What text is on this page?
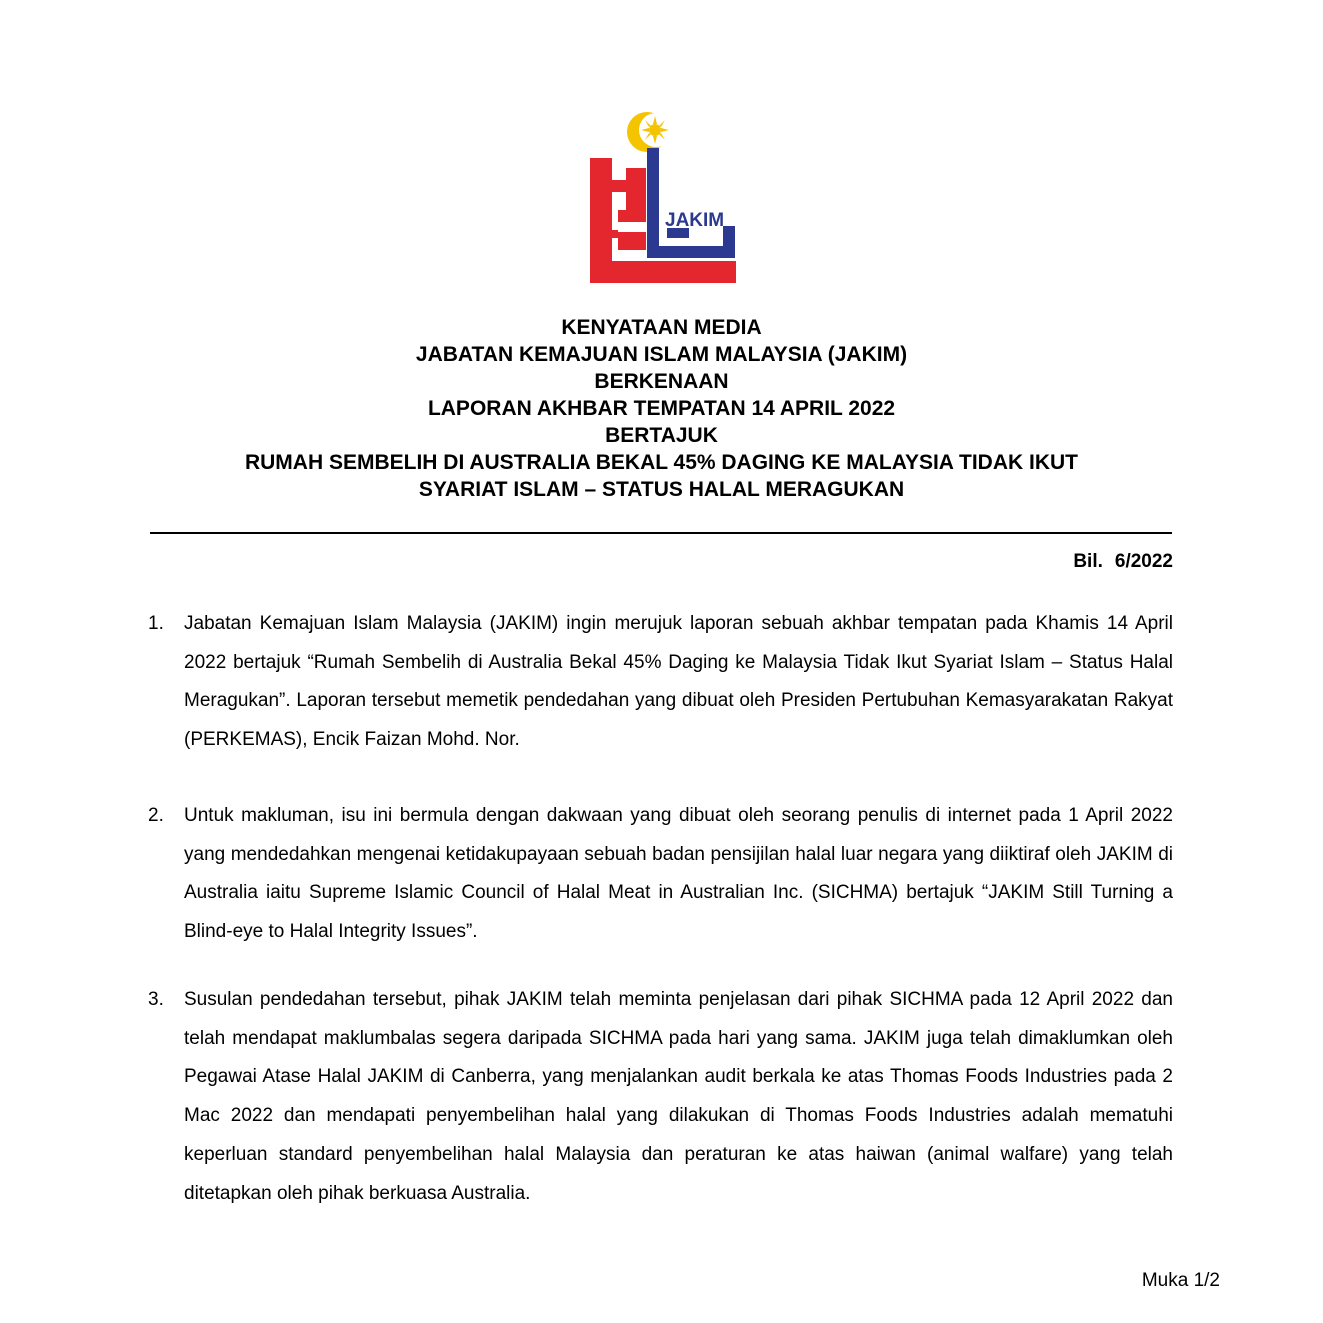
JAKIM
KENYATAAN MEDIA
JABATAN KEMAJUAN ISLAM MALAYSIA (JAKIM)
BERKENAAN
LAPORAN AKHBAR TEMPATAN 14 APRIL 2022
BERTAJUK
RUMAH SEMBELIH DI AUSTRALIA BEKAL 45% DAGING KE MALAYSIA TIDAK IKUT
SYARIAT ISLAM – STATUS HALAL MERAGUKAN
Bil. 6/2022
1. Jabatan Kemajuan Islam Malaysia (JAKIM) ingin merujuk laporan sebuah akhbar tempatan pada Khamis 14 April 2022 bertajuk “Rumah Sembelih di Australia Bekal 45% Daging ke Malaysia Tidak Ikut Syariat Islam – Status Halal Meragukan”. Laporan tersebut memetik pendedahan yang dibuat oleh Presiden Pertubuhan Kemasyarakatan Rakyat (PERKEMAS), Encik Faizan Mohd. Nor.
2. Untuk makluman, isu ini bermula dengan dakwaan yang dibuat oleh seorang penulis di internet pada 1 April 2022 yang mendedahkan mengenai ketidakupayaan sebuah badan pensijilan halal luar negara yang diiktiraf oleh JAKIM di Australia iaitu Supreme Islamic Council of Halal Meat in Australian Inc. (SICHMA) bertajuk “JAKIM Still Turning a Blind-eye to Halal Integrity Issues”.
3. Susulan pendedahan tersebut, pihak JAKIM telah meminta penjelasan dari pihak SICHMA pada 12 April 2022 dan telah mendapat maklumbalas segera daripada SICHMA pada hari yang sama. JAKIM juga telah dimaklumkan oleh Pegawai Atase Halal JAKIM di Canberra, yang menjalankan audit berkala ke atas Thomas Foods Industries pada 2 Mac 2022 dan mendapati penyembelihan halal yang dilakukan di Thomas Foods Industries adalah mematuhi keperluan standard penyembelihan halal Malaysia dan peraturan ke atas haiwan (animal walfare) yang telah ditetapkan oleh pihak berkuasa Australia.
Muka 1/2
